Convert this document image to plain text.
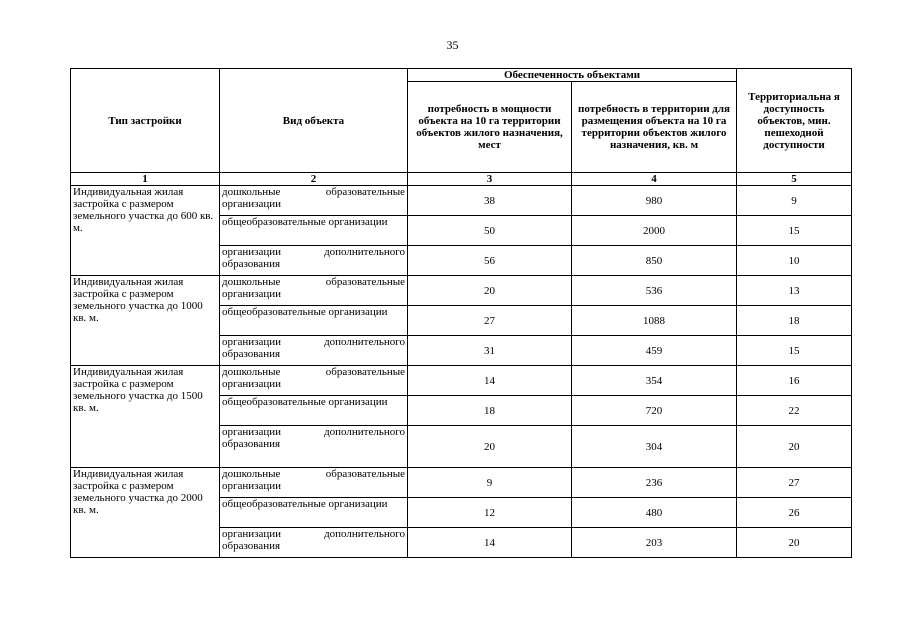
35
Тип застройки	Вид объекта	Обеспеченность объектами		Территориальна я доступность объектов, мин. пешеходной доступности
		потребность в мощности объекта на 10 га территории объектов жилого назначения, мест	потребность в территории для размещения объекта на 10 га территории объектов жилого назначения, кв. м	
1	2	3	4	5
Индивидуальная жилая застройка с размером земельного участка до 600 кв. м.	дошкольные образовательные организации	38	980	9
	общеобразовательные организации	50	2000	15
	организации дополнительного образования	56	850	10
Индивидуальная жилая застройка с размером земельного участка до 1000 кв. м.	дошкольные образовательные организации	20	536	13
	общеобразовательные организации	27	1088	18
	организации дополнительного образования	31	459	15
Индивидуальная жилая застройка с размером земельного участка до 1500 кв. м.	дошкольные образовательные организации	14	354	16
	общеобразовательные организации	18	720	22
	организации дополнительного образования	20	304	20
Индивидуальная жилая застройка с размером земельного участка до 2000 кв. м.	дошкольные образовательные организации	9	236	27
	общеобразовательные организации	12	480	26
	организации дополнительного образования	14	203	20
